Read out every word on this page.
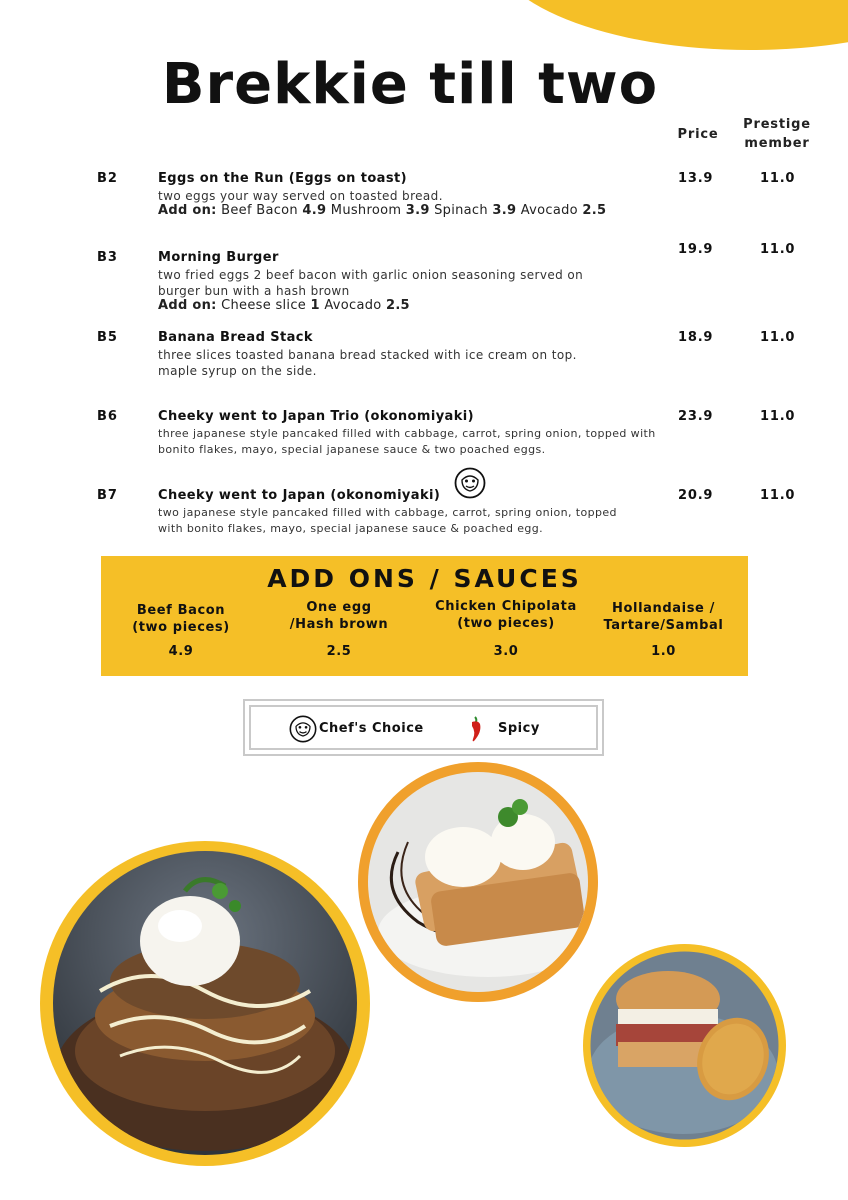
Brekkie till two
Price
Prestige
member
B2	Eggs on the Run (Eggs on toast)
two eggs your way served on toasted bread.
Add on: Beef Bacon 4.9 Mushroom 3.9 Spinach 3.9 Avocado 2.5
13.9	11.0
B3	Morning Burger
two fried eggs 2 beef bacon with garlic onion seasoning served on burger bun with a hash brown
Add on: Cheese slice 1 Avocado 2.5
19.9	11.0
B5	Banana Bread Stack
three slices toasted banana bread stacked with ice cream on top. maple syrup on the side.
18.9	11.0
B6	Cheeky went to Japan Trio (okonomiyaki)
three japanese style pancaked filled with cabbage, carrot, spring onion, topped with bonito flakes, mayo, special japanese sauce & two poached eggs.
23.9	11.0
B7	Cheeky went to Japan (okonomiyaki)
two japanese style pancaked filled with cabbage, carrot, spring onion, topped with bonito flakes, mayo, special japanese sauce & poached egg.
20.9	11.0
ADD ONS / SAUCES
Beef Bacon
(two pieces)
4.9
One egg
/Hash brown
2.5
Chicken Chipolata
(two pieces)
3.0
Hollandaise /
Tartare/Sambal
1.0
Chef's Choice	Spicy
